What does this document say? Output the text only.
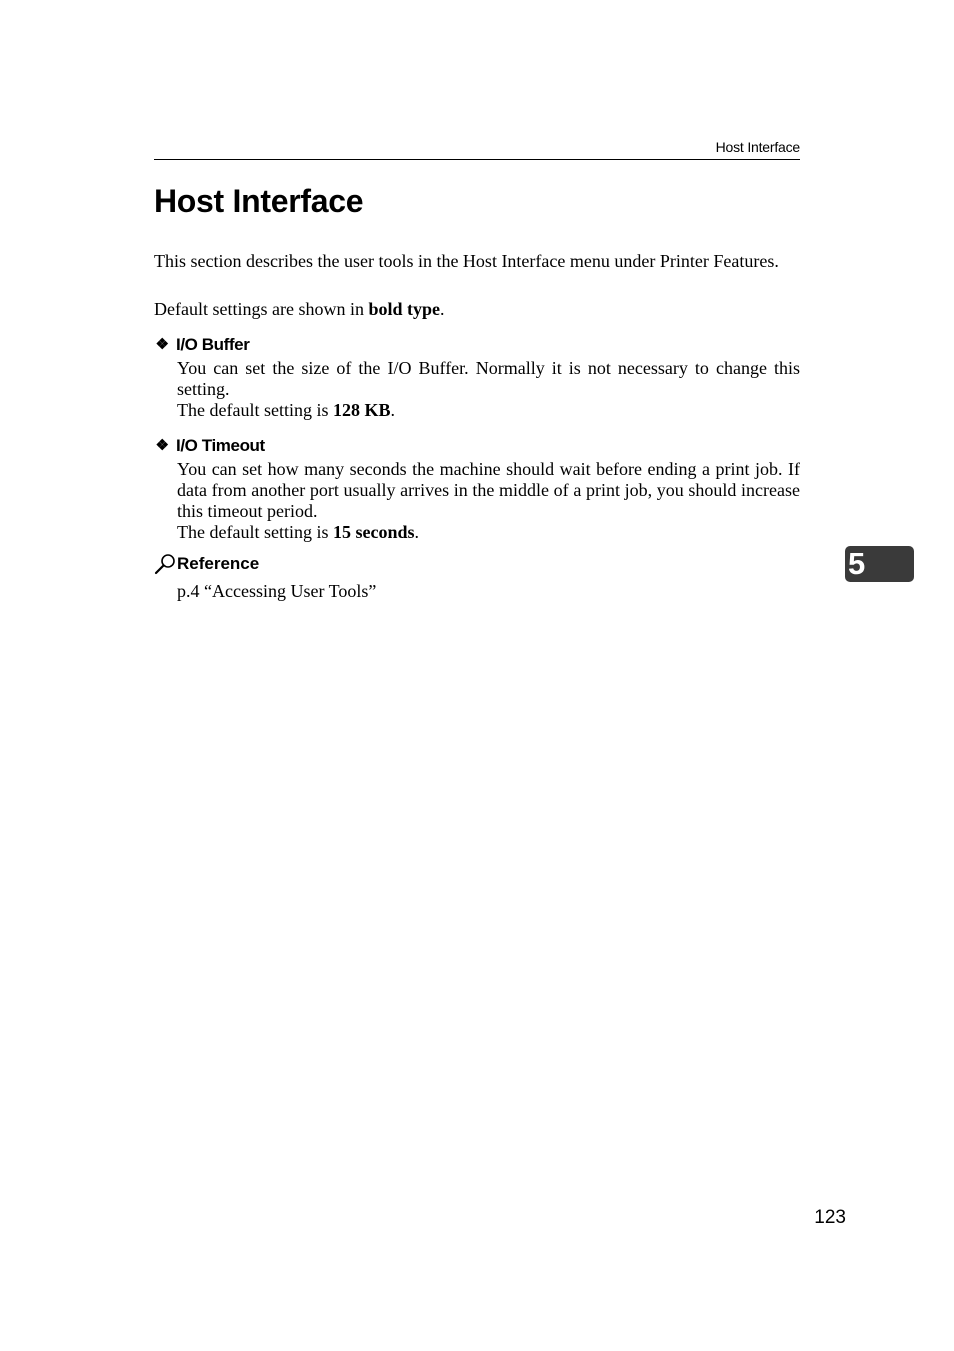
Host Interface
Host Interface

This section describes the user tools in the Host Interface menu under Printer Features.

Default settings are shown in bold type.

❖ I/O Buffer

You can set the size of the I/O Buffer. Normally it is not necessary to change this setting.

The default setting is 128 KB.

❖ I/O Timeout

You can set how many seconds the machine should wait before ending a print job. If data from another port usually arrives in the middle of a print job, you should increase this timeout period.

The default setting is 15 seconds.

Reference

p.4 “Accessing User Tools”

5
123
